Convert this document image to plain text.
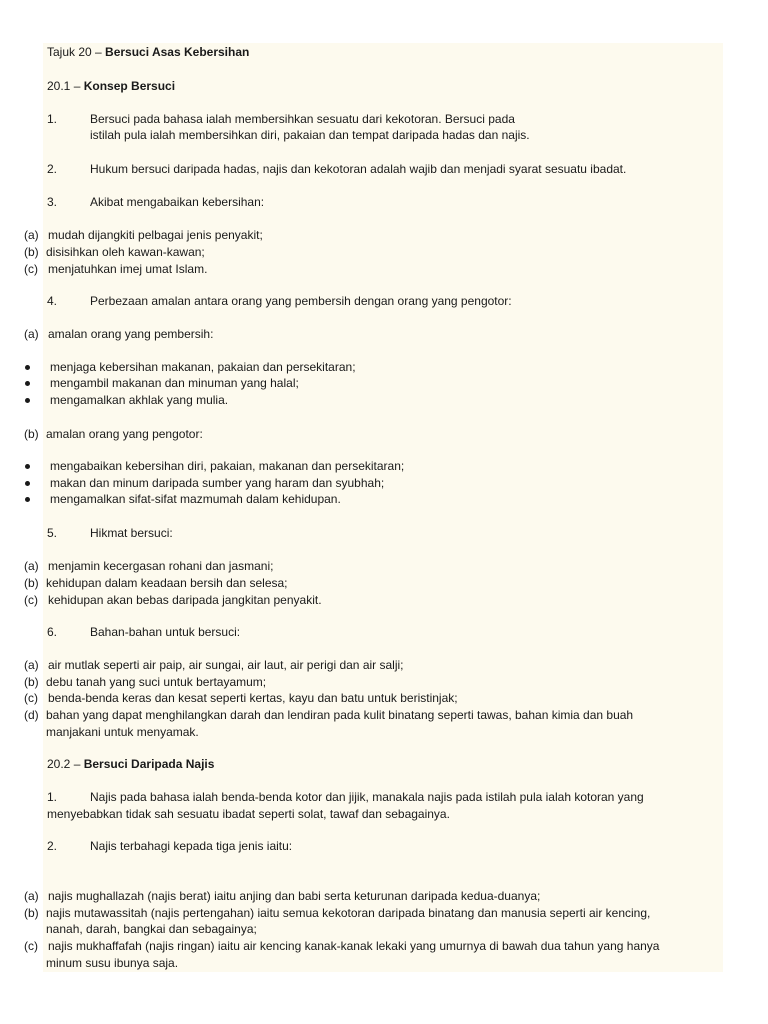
Tajuk 20 – Bersuci Asas Kebersihan
20.1 – Konsep Bersuci
1.	Bersuci pada bahasa ialah membersihkan sesuatu dari kekotoran. Bersuci pada
istilah pula ialah membersihkan diri, pakaian dan tempat daripada hadas dan najis.
2.	Hukum bersuci daripada hadas, najis dan kekotoran adalah wajib dan menjadi syarat sesuatu ibadat.
3.	Akibat mengabaikan kebersihan:
(a) mudah dijangkiti pelbagai jenis penyakit;
(b) disisihkan oleh kawan-kawan;
(c) menjatuhkan imej umat Islam.
4.	Perbezaan amalan antara orang yang pembersih dengan orang yang pengotor:
(a) amalan orang yang pembersih:
menjaga kebersihan makanan, pakaian dan persekitaran;
mengambil makanan dan minuman yang halal;
mengamalkan akhlak yang mulia.
(b) amalan orang yang pengotor:
mengabaikan kebersihan diri, pakaian, makanan dan persekitaran;
makan dan minum daripada sumber yang haram dan syubhah;
mengamalkan sifat-sifat mazmumah dalam kehidupan.
5.	Hikmat bersuci:
(a) menjamin kecergasan rohani dan jasmani;
(b) kehidupan dalam keadaan bersih dan selesa;
(c) kehidupan akan bebas daripada jangkitan penyakit.
6.	Bahan-bahan untuk bersuci:
(a) air mutlak seperti air paip, air sungai, air laut, air perigi dan air salji;
(b) debu tanah yang suci untuk bertayamum;
(c) benda-benda keras dan kesat seperti kertas, kayu dan batu untuk beristinjak;
(d) bahan yang dapat menghilangkan darah dan lendiran pada kulit binatang seperti tawas, bahan kimia dan buah
manjakani untuk menyamak.
20.2 – Bersuci Daripada Najis
1.	Najis pada bahasa ialah benda-benda kotor dan jijik, manakala najis pada istilah pula ialah kotoran yang
menyebabkan tidak sah sesuatu ibadat seperti solat, tawaf dan sebagainya.
2.	Najis terbahagi kepada tiga jenis iaitu:
(a) najis mughallazah (najis berat) iaitu anjing dan babi serta keturunan daripada kedua-duanya;
(b) najis mutawassitah (najis pertengahan) iaitu semua kekotoran daripada binatang dan manusia seperti air kencing,
nanah, darah, bangkai dan sebagainya;
(c) najis mukhaffafah (najis ringan) iaitu air kencing kanak-kanak lekaki yang umurnya di bawah dua tahun yang hanya
minum susu ibunya saja.
